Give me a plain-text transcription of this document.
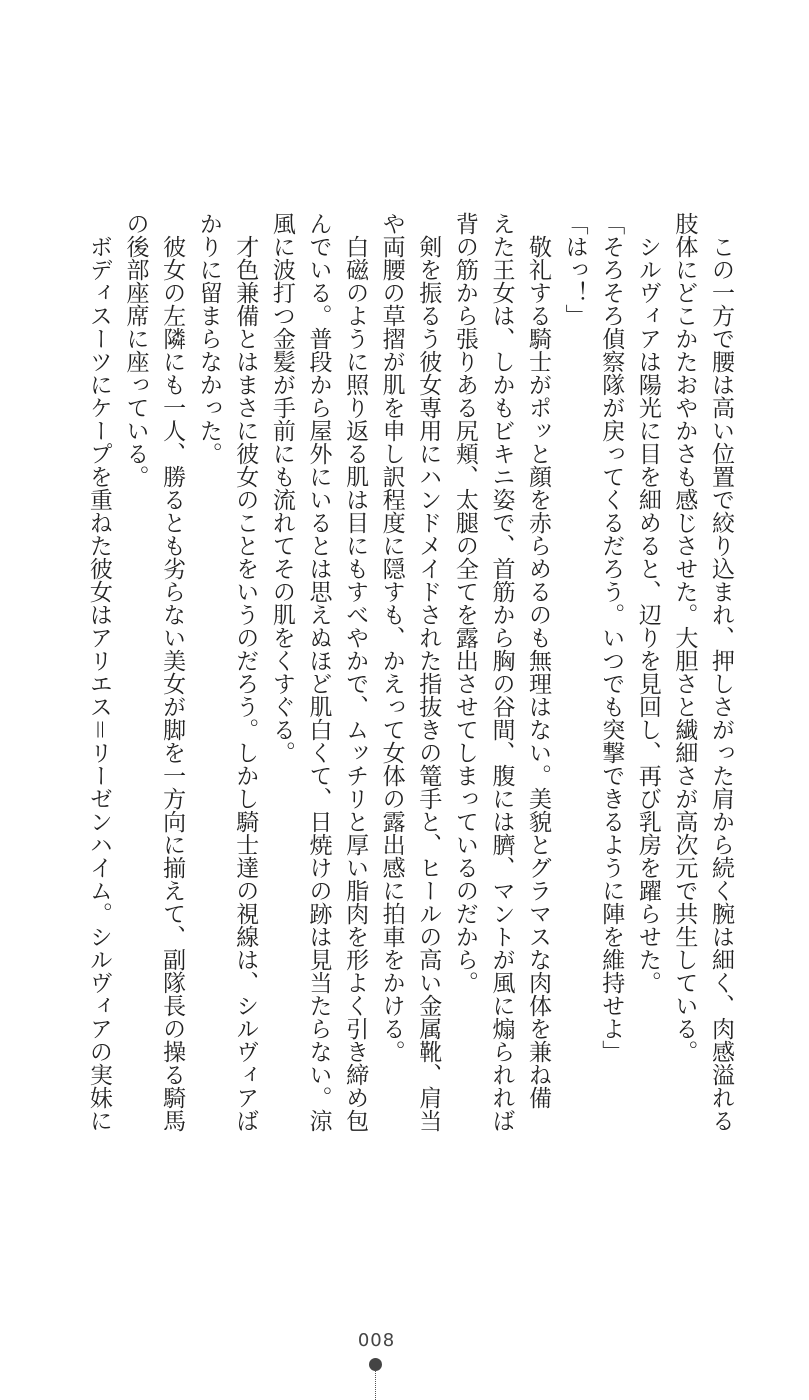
この一方で腰は高い位置で絞り込まれ、押しさがった肩から続く腕は細く、肉感溢れる
肢体にどこかたおやかさも感じさせた。大胆さと繊細さが高次元で共生している。
シルヴィアは陽光に目を細めると、辺りを見回し、再び乳房を躍らせた。
「そろそろ偵察隊が戻ってくるだろう。いつでも突撃できるように陣を維持せよ」
「はっ！」
敬礼する騎士がポッと顔を赤らめるのも無理はない。美貌とグラマスな肉体を兼ね備
えた王女は、しかもビキニ姿で、首筋から胸の谷間、腹には臍、マントが風に煽られれば
背の筋から張りある尻頬、太腿の全てを露出させてしまっているのだから。
剣を振るう彼女専用にハンドメイドされた指抜きの篭手と、ヒールの高い金属靴、肩当
や両腰の草摺が肌を申し訳程度に隠すも、かえって女体の露出感に拍車をかける。
白磁のように照り返る肌は目にもすべやかで、ムッチリと厚い脂肉を形よく引き締め包
んでいる。普段から屋外にいるとは思えぬほど肌白くて、日焼けの跡は見当たらない。涼
風に波打つ金髪が手前にも流れてその肌をくすぐる。
才色兼備とはまさに彼女のことをいうのだろう。しかし騎士達の視線は、シルヴィアば
かりに留まらなかった。
彼女の左隣にも一人、勝るとも劣らない美女が脚を一方向に揃えて、副隊長の操る騎馬
の後部座席に座っている。
ボディスーツにケープを重ねた彼女はアリエス＝リーゼンハイム。シルヴィアの実妹に
008
